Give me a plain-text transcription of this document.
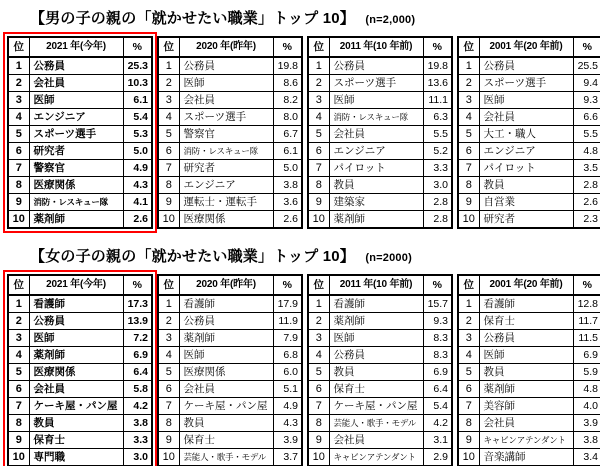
【男の子の親の「就かせたい職業」トップ 10】 (n=2,000)
位	2021 年(今年)	%
1	公務員	25.3
2	会社員	10.3
3	医師	6.1
4	エンジニア	5.4
5	スポーツ選手	5.3
6	研究者	5.0
7	警察官	4.9
8	医療関係	4.3
9	消防・レスキュー隊	4.1
10	薬剤師	2.6
位	2020 年(昨年)	%
1	公務員	19.8
2	医師	8.6
3	会社員	8.2
4	スポーツ選手	8.0
5	警察官	6.7
6	消防・レスキュー隊	6.1
7	研究者	5.0
8	エンジニア	3.8
9	運転士・運転手	3.6
10	医療関係	2.6
位	2011 年(10 年前)	%
1	公務員	19.8
2	スポーツ選手	13.6
3	医師	11.1
4	消防・レスキュー隊	6.3
5	会社員	5.5
6	エンジニア	5.2
7	パイロット	3.3
8	教員	3.0
9	建築家	2.8
10	薬剤師	2.8
位	2001 年(20 年前)	%
1	公務員	25.5
2	スポーツ選手	9.4
3	医師	9.3
4	会社員	6.6
5	大工・職人	5.5
6	エンジニア	4.8
7	パイロット	3.5
8	教員	2.8
9	自営業	2.6
10	研究者	2.3
【女の子の親の「就かせたい職業」トップ 10】 (n=2000)
位	2021 年(今年)	%
1	看護師	17.3
2	公務員	13.9
3	医師	7.2
4	薬剤師	6.9
5	医療関係	6.4
6	会社員	5.8
7	ケーキ屋・パン屋	4.2
8	教員	3.8
9	保育士	3.3
10	専門職	3.0
位	2020 年(昨年)	%
1	看護師	17.9
2	公務員	11.9
3	薬剤師	7.9
4	医師	6.8
5	医療関係	6.0
6	会社員	5.1
7	ケーキ屋・パン屋	4.9
8	教員	4.3
9	保育士	3.9
10	芸能人・歌手・モデル	3.7
位	2011 年(10 年前)	%
1	看護師	15.7
2	薬剤師	9.3
3	医師	8.3
4	公務員	8.3
5	教員	6.9
6	保育士	6.4
7	ケーキ屋・パン屋	5.4
8	芸能人・歌手・モデル	4.2
9	会社員	3.1
10	キャビンアテンダント	2.9
位	2001 年(20 年前)	%
1	看護師	12.8
2	保育士	11.7
3	公務員	11.5
4	医師	6.9
5	教員	5.9
6	薬剤師	4.8
7	美容師	4.0
8	会社員	3.9
9	キャビンアテンダント	3.8
10	音楽講師	3.4
